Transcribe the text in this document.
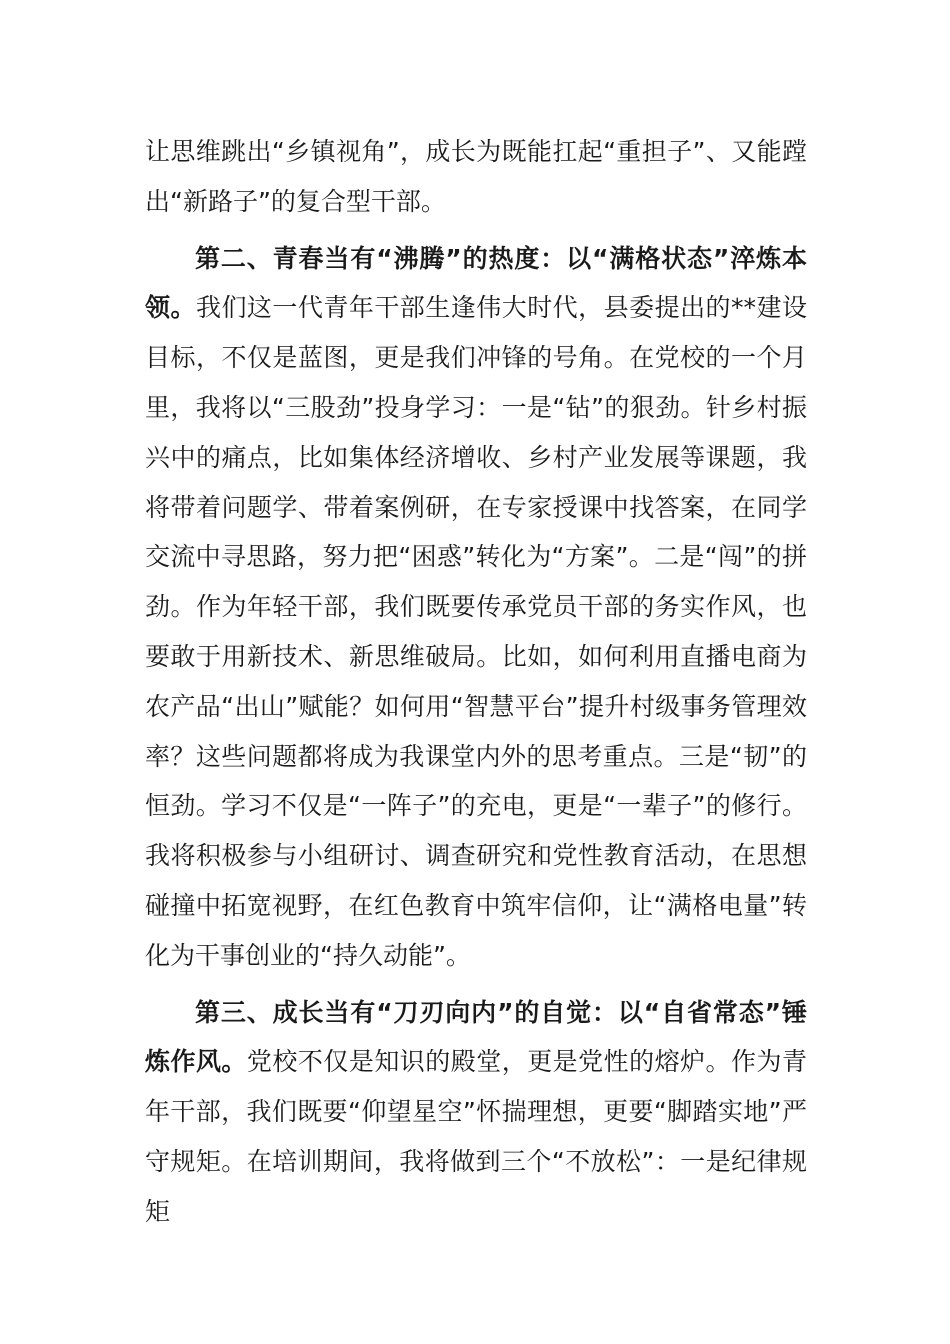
让思维跳出“乡镇视角”，成长为既能扛起“重担子”、又能蹚出“新路子”的复合型干部。

第二、青春当有“沸腾”的热度：以“满格状态”淬炼本领。我们这一代青年干部生逢伟大时代，县委提出的**建设目标，不仅是蓝图，更是我们冲锋的号角。在党校的一个月里，我将以“三股劲”投身学习：一是“钻”的狠劲。针乡村振兴中的痛点，比如集体经济增收、乡村产业发展等课题，我将带着问题学、带着案例研，在专家授课中找答案，在同学交流中寻思路，努力把“困惑”转化为“方案”。二是“闯”的拼劲。作为年轻干部，我们既要传承党员干部的务实作风，也要敢于用新技术、新思维破局。比如，如何利用直播电商为农产品“出山”赋能？如何用“智慧平台”提升村级事务管理效率？这些问题都将成为我课堂内外的思考重点。三是“韧”的恒劲。学习不仅是“一阵子”的充电，更是“一辈子”的修行。我将积极参与小组研讨、调查研究和党性教育活动，在思想碰撞中拓宽视野，在红色教育中筑牢信仰，让“满格电量”转化为干事创业的“持久动能”。

第三、成长当有“刀刃向内”的自觉：以“自省常态”锤炼作风。党校不仅是知识的殿堂，更是党性的熔炉。作为青年干部，我们既要“仰望星空”怀揣理想，更要“脚踏实地”严守规矩。在培训期间，我将做到三个“不放松”：一是纪律规矩
